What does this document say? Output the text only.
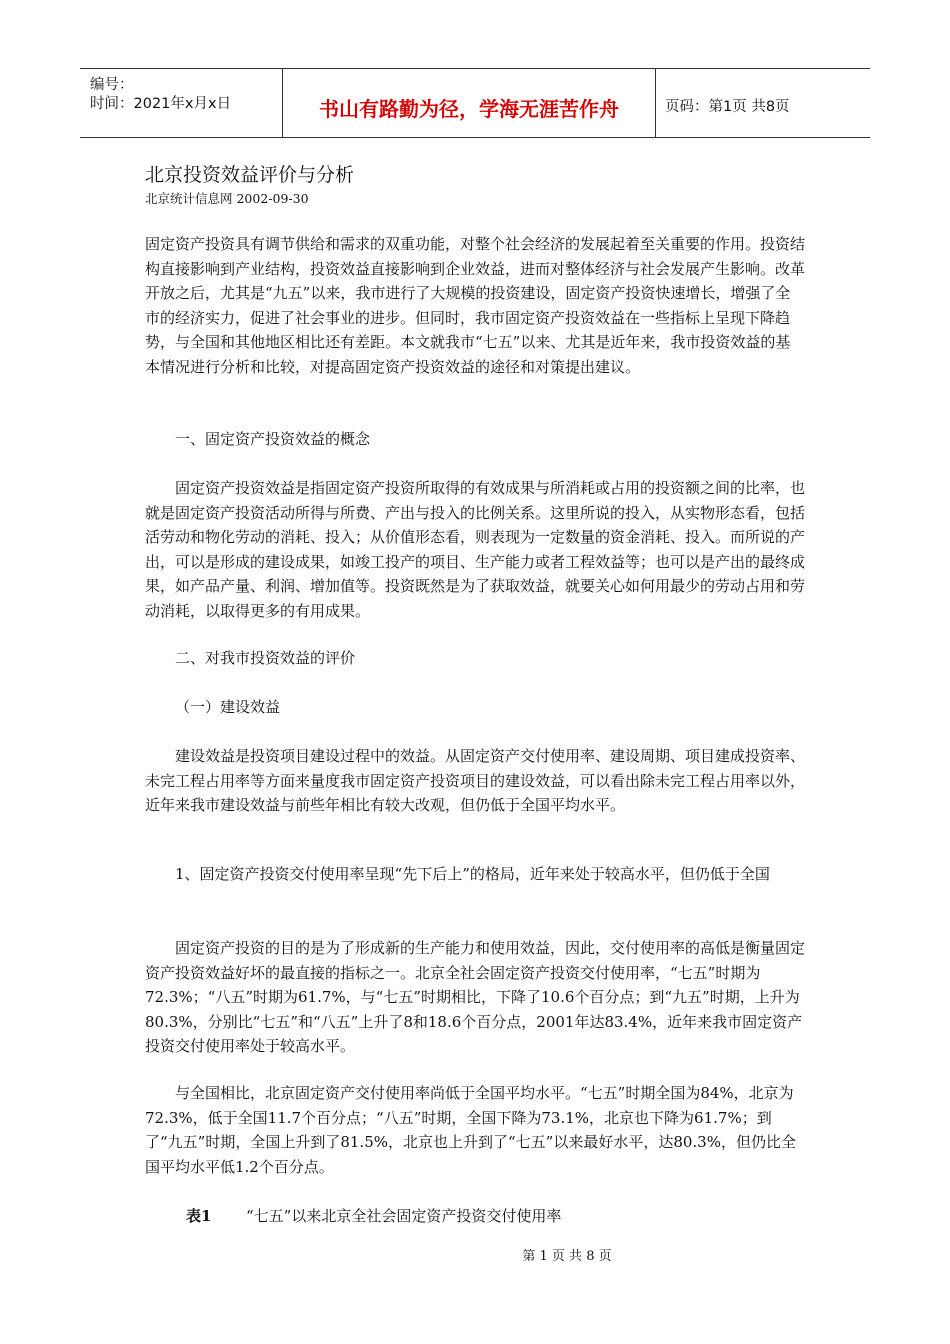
编号：
时间：2021年x月x日	书山有路勤为径，学海无涯苦作舟	页码：第1页 共8页
北京投资效益评价与分析
北京统计信息网 2002-09-30

固定资产投资具有调节供给和需求的双重功能，对整个社会经济的发展起着至关重要的作用。投资结构直接影响到产业结构，投资效益直接影响到企业效益，进而对整体经济与社会发展产生影响。改革开放之后，尤其是“九五”以来，我市进行了大规模的投资建设，固定资产投资快速增长，增强了全市的经济实力，促进了社会事业的进步。但同时，我市固定资产投资效益在一些指标上呈现下降趋势，与全国和其他地区相比还有差距。本文就我市“七五”以来、尤其是近年来，我市投资效益的基本情况进行分析和比较，对提高固定资产投资效益的途径和对策提出建议。

一、固定资产投资效益的概念

固定资产投资效益是指固定资产投资所取得的有效成果与所消耗或占用的投资额之间的比率，也就是固定资产投资活动所得与所费、产出与投入的比例关系。这里所说的投入，从实物形态看，包括活劳动和物化劳动的消耗、投入；从价值形态看，则表现为一定数量的资金消耗、投入。而所说的产出，可以是形成的建设成果，如竣工投产的项目、生产能力或者工程效益等；也可以是产出的最终成果，如产品产量、利润、增加值等。投资既然是为了获取效益，就要关心如何用最少的劳动占用和劳动消耗，以取得更多的有用成果。

二、对我市投资效益的评价
（一）建设效益

建设效益是投资项目建设过程中的效益。从固定资产交付使用率、建设周期、项目建成投资率、未完工程占用率等方面来量度我市固定资产投资项目的建设效益，可以看出除未完工程占用率以外，近年来我市建设效益与前些年相比有较大改观，但仍低于全国平均水平。

1、固定资产投资交付使用率呈现“先下后上”的格局，近年来处于较高水平，但仍低于全国

固定资产投资的目的是为了形成新的生产能力和使用效益，因此，交付使用率的高低是衡量固定资产投资效益好坏的最直接的指标之一。北京全社会固定资产投资交付使用率，“七五”时期为72.3%；“八五”时期为61.7%，与“七五”时期相比，下降了10.6个百分点；到“九五”时期，上升为80.3%，分别比“七五”和“八五”上升了8和18.6个百分点，2001年达83.4%，近年来我市固定资产投资交付使用率处于较高水平。

与全国相比，北京固定资产交付使用率尚低于全国平均水平。“七五”时期全国为84%，北京为72.3%，低于全国11.7个百分点；“八五”时期，全国下降为73.1%，北京也下降为61.7%；到了“九五”时期，全国上升到了81.5%，北京也上升到了“七五”以来最好水平，达80.3%，但仍比全国平均水平低1.2个百分点。

表1 “七五”以来北京全社会固定资产投资交付使用率
第 1 页 共 8 页
